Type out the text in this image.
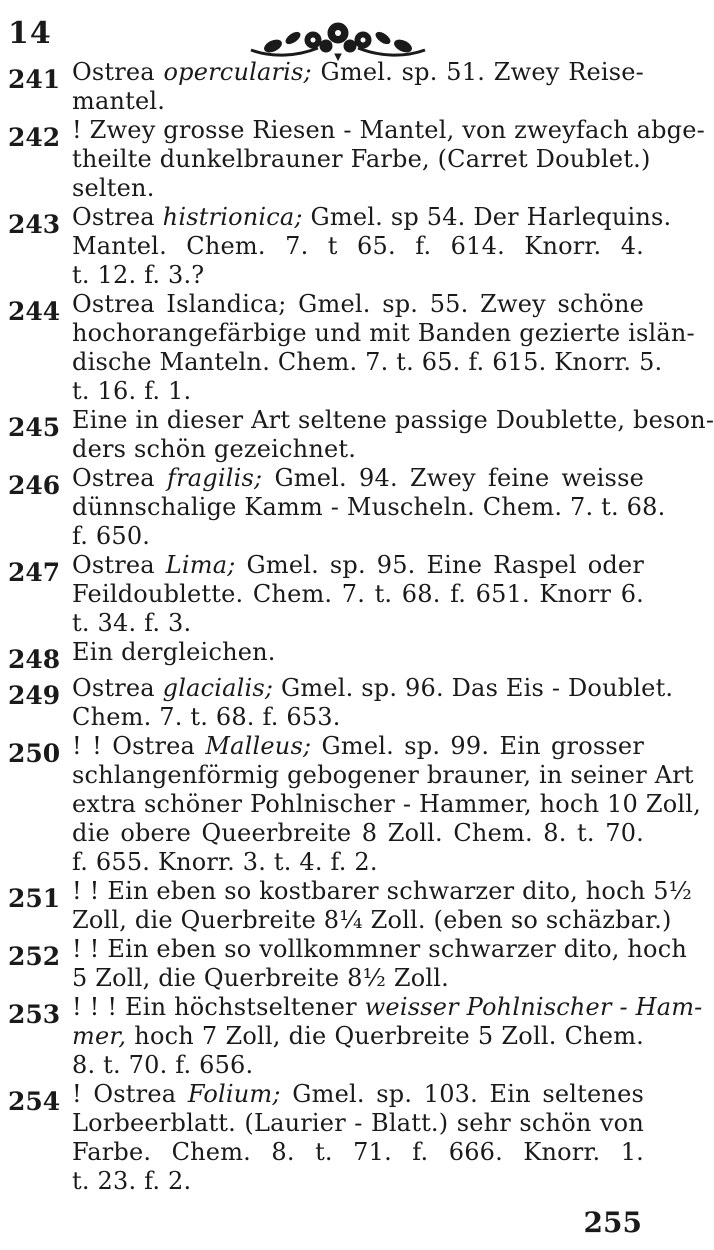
14
241 Ostrea opercularis; Gmel. sp. 51. Zwey Reise-
mantel.
242 ! Zwey grosse Riesen - Mantel, von zweyfach abge-
theilte dunkelbrauner Farbe, (Carret Doublet.)
selten.
243 Ostrea histrionica; Gmel. sp 54. Der Harlequins.
Mantel. Chem. 7. t 65. f. 614. Knorr. 4.
t. 12. f. 3.?
244 Ostrea Islandica; Gmel. sp. 55. Zwey schöne
hochorangefärbige und mit Banden gezierte islän-
dische Manteln. Chem. 7. t. 65. f. 615. Knorr. 5.
t. 16. f. 1.
245 Eine in dieser Art seltene passige Doublette, beson-
ders schön gezeichnet.
246 Ostrea fragilis; Gmel. 94. Zwey feine weisse
dünnschalige Kamm - Muscheln. Chem. 7. t. 68.
f. 650.
247 Ostrea Lima; Gmel. sp. 95. Eine Raspel oder
Feildoublette. Chem. 7. t. 68. f. 651. Knorr 6.
t. 34. f. 3.
248 Ein dergleichen.
249 Ostrea glacialis; Gmel. sp. 96. Das Eis - Doublet.
Chem. 7. t. 68. f. 653.
250 ! ! Ostrea Malleus; Gmel. sp. 99. Ein grosser
schlangenförmig gebogener brauner, in seiner Art
extra schöner Pohlnischer - Hammer, hoch 10 Zoll,
die obere Queerbreite 8 Zoll. Chem. 8. t. 70.
f. 655. Knorr. 3. t. 4. f. 2.
251 ! ! Ein eben so kostbarer schwarzer dito, hoch 5½
Zoll, die Querbreite 8¼ Zoll. (eben so schäzbar.)
252 ! ! Ein eben so vollkommner schwarzer dito, hoch
5 Zoll, die Querbreite 8½ Zoll.
253 ! ! ! Ein höchstseltener weisser Pohlnischer - Ham-
mer, hoch 7 Zoll, die Querbreite 5 Zoll. Chem.
8. t. 70. f. 656.
254 ! Ostrea Folium; Gmel. sp. 103. Ein seltenes
Lorbeerblatt. (Laurier - Blatt.) sehr schön von
Farbe. Chem. 8. t. 71. f. 666. Knorr. 1.
t. 23. f. 2.
255
